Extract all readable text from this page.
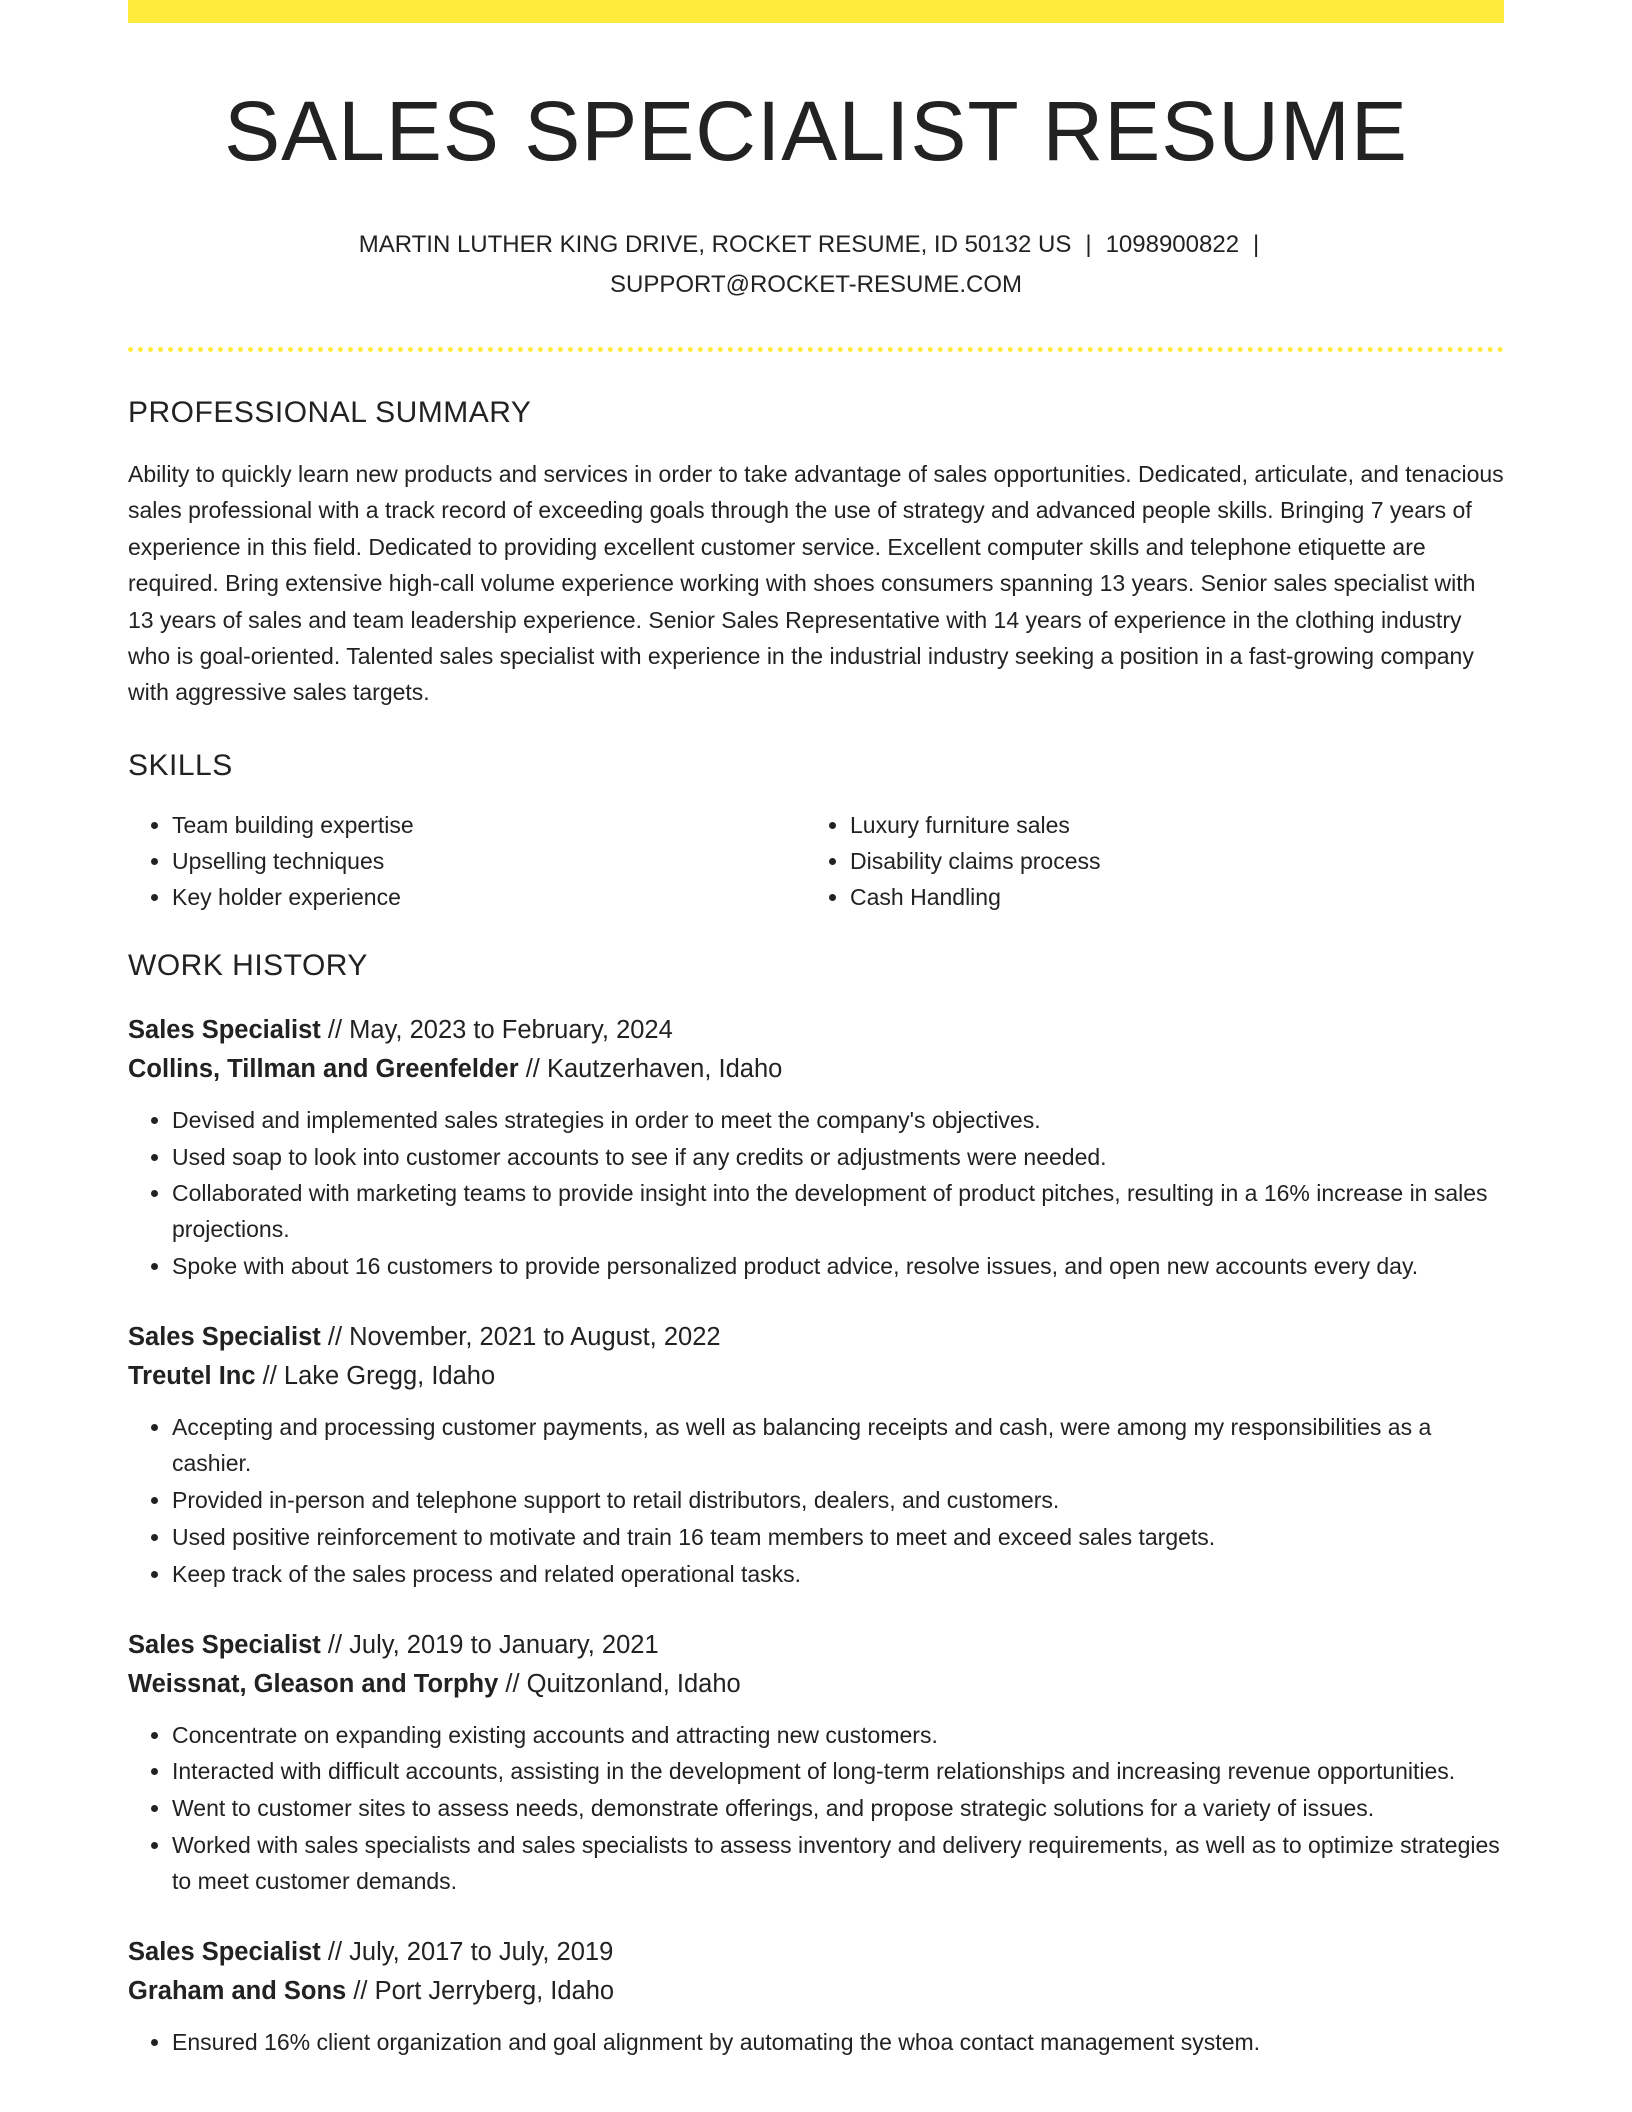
SALES SPECIALIST RESUME
MARTIN LUTHER KING DRIVE, ROCKET RESUME, ID 50132 US | 1098900822 |
SUPPORT@ROCKET-RESUME.COM
PROFESSIONAL SUMMARY
Ability to quickly learn new products and services in order to take advantage of sales opportunities. Dedicated, articulate, and tenacious sales professional with a track record of exceeding goals through the use of strategy and advanced people skills. Bringing 7 years of experience in this field. Dedicated to providing excellent customer service. Excellent computer skills and telephone etiquette are required. Bring extensive high-call volume experience working with shoes consumers spanning 13 years. Senior sales specialist with 13 years of sales and team leadership experience. Senior Sales Representative with 14 years of experience in the clothing industry who is goal-oriented. Talented sales specialist with experience in the industrial industry seeking a position in a fast-growing company with aggressive sales targets.
SKILLS
• Team building expertise
• Upselling techniques
• Key holder experience
• Luxury furniture sales
• Disability claims process
• Cash Handling
WORK HISTORY
Sales Specialist // May, 2023 to February, 2024
Collins, Tillman and Greenfelder // Kautzerhaven, Idaho
• Devised and implemented sales strategies in order to meet the company's objectives.
• Used soap to look into customer accounts to see if any credits or adjustments were needed.
• Collaborated with marketing teams to provide insight into the development of product pitches, resulting in a 16% increase in sales projections.
• Spoke with about 16 customers to provide personalized product advice, resolve issues, and open new accounts every day.
Sales Specialist // November, 2021 to August, 2022
Treutel Inc // Lake Gregg, Idaho
• Accepting and processing customer payments, as well as balancing receipts and cash, were among my responsibilities as a cashier.
• Provided in-person and telephone support to retail distributors, dealers, and customers.
• Used positive reinforcement to motivate and train 16 team members to meet and exceed sales targets.
• Keep track of the sales process and related operational tasks.
Sales Specialist // July, 2019 to January, 2021
Weissnat, Gleason and Torphy // Quitzonland, Idaho
• Concentrate on expanding existing accounts and attracting new customers.
• Interacted with difficult accounts, assisting in the development of long-term relationships and increasing revenue opportunities.
• Went to customer sites to assess needs, demonstrate offerings, and propose strategic solutions for a variety of issues.
• Worked with sales specialists and sales specialists to assess inventory and delivery requirements, as well as to optimize strategies to meet customer demands.
Sales Specialist // July, 2017 to July, 2019
Graham and Sons // Port Jerryberg, Idaho
• Ensured 16% client organization and goal alignment by automating the whoa contact management system.
